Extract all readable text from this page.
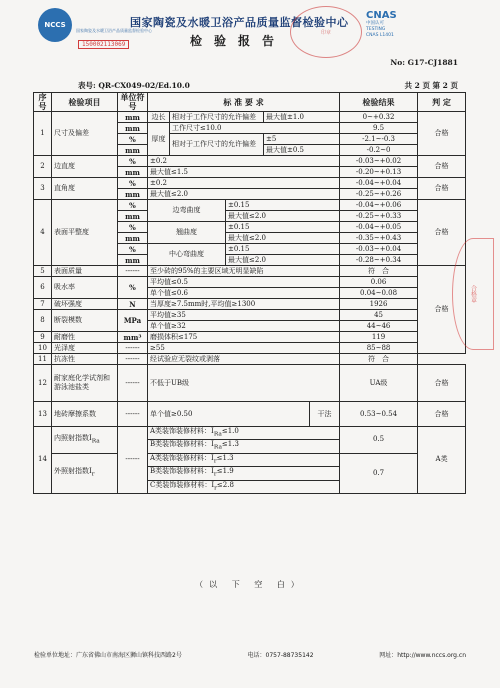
NCCS
国家陶瓷及水暖卫浴产品质量监督检验中心
150002113069
国家陶瓷及水暖卫浴产品质量监督检验中心
检验报告
印章
CNAS
中国认可
TESTING
CNAS L1401
No: G17-CJ1881
表号: QR-CX049-02/Ed.10.0	共 2 页 第 2 页
序号	检验项目	单位符号	标 准 要 求					检验结果	判 定
1	尺寸及偏差	mm	边长	相对于工作尺寸的允许偏差		最大值±1.0		0~+0.32	合格
		mm	厚度	工作尺寸≤10.0				9.5	
		%		相对于工作尺寸的允许偏差		±5		-2.1~-0.3	
		mm				最大值±0.5		-0.2~0	
2	边直度	%	±0.2					-0.03~+0.02	合格
		mm	最大值≤1.5					-0.20~+0.13	
3	直角度	%	±0.2					-0.04~+0.04	合格
		mm	最大值≤2.0					-0.25~+0.26	
4	表面平整度	%	边弯曲度		±0.15			-0.04~+0.06	合格
		mm			最大值≤2.0			-0.25~+0.33	
		%	翘曲度		±0.15			-0.04~+0.05	
		mm			最大值≤2.0			-0.35~+0.43	
		%	中心弯曲度		±0.15			-0.03~+0.04	
		mm			最大值≤2.0			-0.28~+0.34	
5	表面质量	------	至少砖的95%的主要区域无明显缺陷					符　合	合格
6	吸水率	%	平均值≤0.5					0.06	
			单个值≤0.6					0.04~0.08	
7	破坏强度	N	当厚度≥7.5mm时,平均值≥1300					1926	
8	断裂模数	MPa	平均值≥35					45	
			单个值≥32					44~46	
9	耐磨性	mm³	磨损体积≤175					119	
10	光泽度	------	≥55					85~88	
11	抗冻性	------	经试验应无裂纹或剥落					符　合	
12	耐家庭化学试剂和游泳池盐类	------	不低于UB级					UA级	合格
13	地砖摩擦系数	------	单个值≥0.50				干法	0.53~0.54	合格
14	内照射指数$I_{Ra}$	------	A类装饰装修材料：$I_{Ra}\le 1.0$					0.5	A类
			B类装饰装修材料：$I_{Ra}\le 1.3$						
	外照射指数$I_r$		A类装饰装修材料：$I_r\le 1.3$					0.7	
			B类装饰装修材料：$I_r\le 1.9$						
			C类装饰装修材料：$I_r\le 2.8$						
（以 下 空 白）
合格章
检验单位地址：广东省佛山市南海区狮山镇科技西路2号	电话：0757-88735142	网址：http://www.nccs.org.cn
